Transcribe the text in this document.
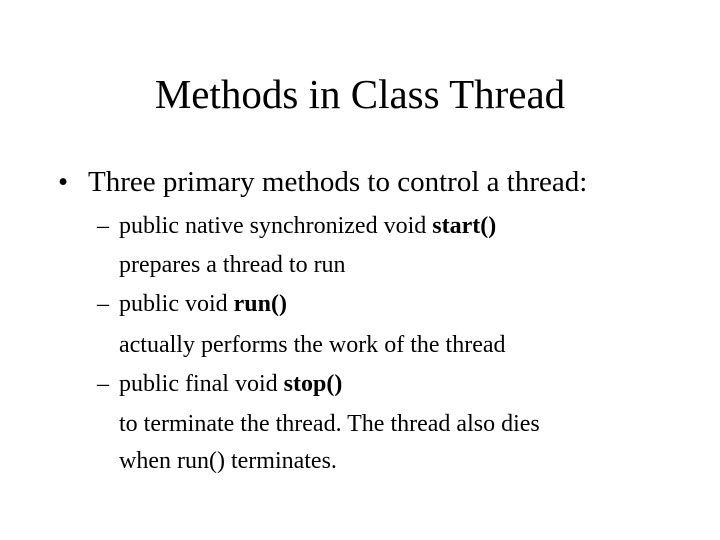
Methods in Class Thread
• Three primary methods to control a thread:
– public native synchronized void start()
prepares a thread to run
– public void run()
actually performs the work of the thread
– public final void stop()
to terminate the thread. The thread also dies
when run() terminates.
